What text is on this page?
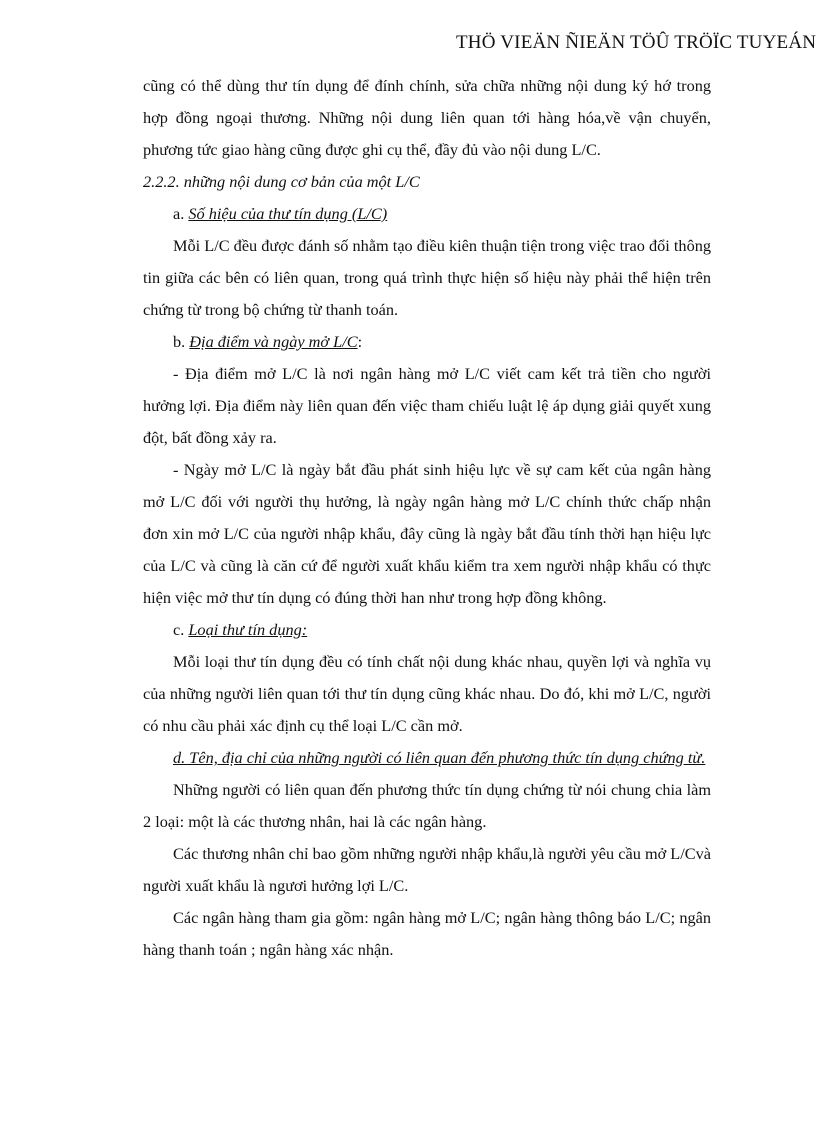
THÖ VIEÄN ÑIEÄN TÖÛ TRÖÏC TUYEÁN

cũng có thể dùng thư tín dụng để đính chính, sửa chữa những nội dung ký hớ trong hợp đồng ngoại thương. Những nội dung liên quan tới hàng hóa,về vận chuyển, phương tức giao hàng cũng được ghi cụ thể, đầy đủ vào nội dung L/C.

2.2.2. những nội dung cơ bản của một L/C

a. Số hiệu của thư tín dụng (L/C)

Mỗi L/C đều được đánh số nhằm tạo điều kiên thuận tiện trong việc trao đổi thông tin giữa các bên có liên quan, trong quá trình thực hiện số hiệu này phải thể hiện trên chứng từ trong bộ chứng từ thanh toán.

b. Địa điểm và ngày mở L/C:

- Địa điểm mở L/C là nơi ngân hàng mở L/C viết cam kết trả tiền cho người hưởng lợi. Địa điểm này liên quan đến việc tham chiếu luật lệ áp dụng giải quyết xung đột, bất đồng xảy ra.

- Ngày mở L/C là ngày bắt đầu phát sinh hiệu lực về sự cam kết của ngân hàng mở L/C đối với người thụ hưởng, là ngày ngân hàng mở L/C chính thức chấp nhận đơn xin mở L/C của người nhập khẩu, đây cũng là ngày bắt đầu tính thời hạn hiệu lực của L/C và cũng là căn cứ để người xuất khẩu kiểm tra xem người nhập khẩu có thực hiện việc mở thư tín dụng có đúng thời han như trong hợp đồng không.

c. Loại thư tín dụng:

Mỗi loại thư tín dụng đều có tính chất nội dung khác nhau, quyền lợi và nghĩa vụ của những người liên quan tới thư tín dụng cũng khác nhau. Do đó, khi mở L/C, người có nhu cầu phải xác định cụ thể loại L/C cần mở.

d. Tên, địa chỉ của những người có liên quan đến phương thức tín dụng chứng từ.

Những người có liên quan đến phương thức tín dụng chứng từ nói chung chia làm 2 loại: một là các thương nhân, hai là các ngân hàng.

Các thương nhân chỉ bao gồm những người nhập khẩu,là người yêu cầu mở L/Cvà người xuất khẩu là ngươi hưởng lợi L/C.

Các ngân hàng tham gia gồm: ngân hàng mở L/C; ngân hàng thông báo L/C; ngân hàng thanh toán ; ngân hàng xác nhận.
